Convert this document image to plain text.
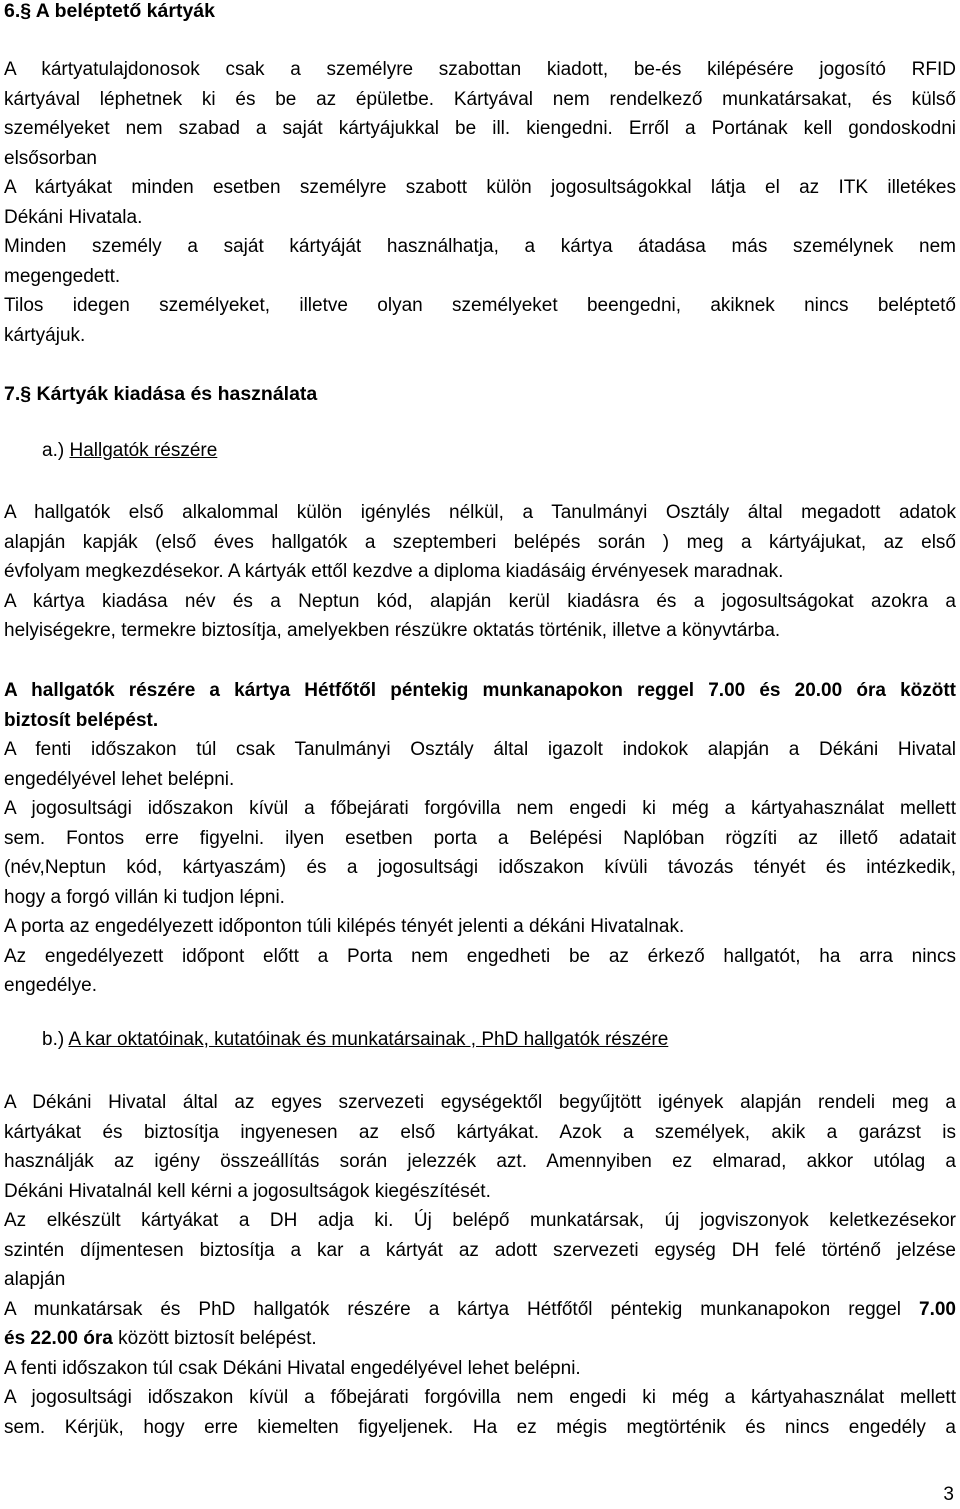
6.§ A beléptető kártyák
A kártyatulajdonosok csak a személyre szabottan kiadott, be-és kilépésére jogosító RFID
kártyával léphetnek ki és be az épületbe. Kártyával nem rendelkező munkatársakat, és külső
személyeket nem szabad a saját kártyájukkal be ill. kiengedni. Erről a Portának kell gondoskodni
elsősorban
A kártyákat minden esetben személyre szabott külön jogosultságokkal látja el az ITK illetékes
Dékáni Hivatala.
Minden személy a saját kártyáját használhatja, a kártya átadása más személynek nem
megengedett.
Tilos idegen személyeket, illetve olyan személyeket beengedni, akiknek nincs beléptető
kártyájuk.
7.§ Kártyák kiadása és használata
a.) Hallgatók részére
A hallgatók első alkalommal külön igénylés nélkül, a Tanulmányi Osztály által megadott adatok
alapján kapják (első éves hallgatók a szeptemberi belépés során ) meg a kártyájukat, az első
évfolyam megkezdésekor. A kártyák ettől kezdve a diploma kiadásáig érvényesek maradnak.
A kártya kiadása név és a Neptun kód, alapján kerül kiadásra és a jogosultságokat azokra a
helyiségekre, termekre biztosítja, amelyekben részükre oktatás történik, illetve a könyvtárba.
A hallgatók részére a kártya Hétfőtől péntekig munkanapokon reggel 7.00 és 20.00 óra között
biztosít belépést.
A fenti időszakon túl csak Tanulmányi Osztály által igazolt indokok alapján a Dékáni Hivatal
engedélyével lehet belépni.
A jogosultsági időszakon kívül a főbejárati forgóvilla nem engedi ki még a kártyahasználat mellett
sem. Fontos erre figyelni. ilyen esetben porta a Belépési Naplóban rögzíti az illető adatait
(név,Neptun kód, kártyaszám) és a jogosultsági időszakon kívüli távozás tényét és intézkedik,
hogy a forgó villán ki tudjon lépni.
A porta az engedélyezett időponton túli kilépés tényét jelenti a dékáni Hivatalnak.
Az engedélyezett időpont előtt a Porta nem engedheti be az érkező hallgatót, ha arra nincs
engedélye.
b.) A kar oktatóinak, kutatóinak és munkatársainak , PhD hallgatók részére
A Dékáni Hivatal által az egyes szervezeti egységektől begyűjtött igények alapján rendeli meg a
kártyákat és biztosítja ingyenesen az első kártyákat. Azok a személyek, akik a garázst is
használják az igény összeállítás során jelezzék azt. Amennyiben ez elmarad, akkor utólag a
Dékáni Hivatalnál kell kérni a jogosultságok kiegészítését.
Az elkészült kártyákat a DH adja ki. Új belépő munkatársak, új jogviszonyok keletkezésekor
szintén díjmentesen biztosítja a kar a kártyát az adott szervezeti egység DH felé történő jelzése
alapján
A munkatársak és PhD hallgatók részére a kártya Hétfőtől péntekig munkanapokon reggel 7.00
és 22.00 óra között biztosít belépést.
A fenti időszakon túl csak Dékáni Hivatal engedélyével lehet belépni.
A jogosultsági időszakon kívül a főbejárati forgóvilla nem engedi ki még a kártyahasználat mellett
sem. Kérjük, hogy erre kiemelten figyeljenek. Ha ez mégis megtörténik és nincs engedély a
3
